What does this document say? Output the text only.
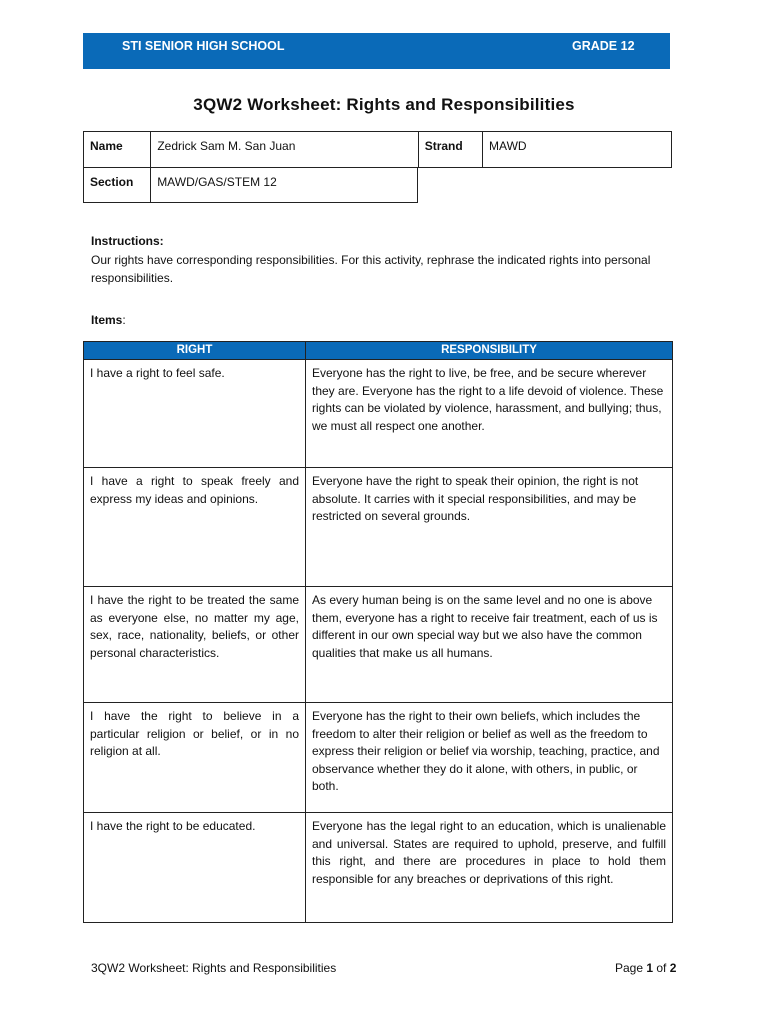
STI SENIOR HIGH SCHOOL	GRADE 12
3QW2 Worksheet: Rights and Responsibilities
Name	Zedrick Sam M. San Juan	Strand	MAWD
Section	MAWD/GAS/STEM 12
Instructions:
Our rights have corresponding responsibilities. For this activity, rephrase the indicated rights into personal responsibilities.
Items:
RIGHT	RESPONSIBILITY
I have a right to feel safe.	Everyone has the right to live, be free, and be secure wherever they are. Everyone has the right to a life devoid of violence. These rights can be violated by violence, harassment, and bullying; thus, we must all respect one another.
I have a right to speak freely and express my ideas and opinions.	Everyone have the right to speak their opinion, the right is not absolute. It carries with it special responsibilities, and may be restricted on several grounds.
I have the right to be treated the same as everyone else, no matter my age, sex, race, nationality, beliefs, or other personal characteristics.	As every human being is on the same level and no one is above them, everyone has a right to receive fair treatment, each of us is different in our own special way but we also have the common qualities that make us all humans.
I have the right to believe in a particular religion or belief, or in no religion at all.	Everyone has the right to their own beliefs, which includes the freedom to alter their religion or belief as well as the freedom to express their religion or belief via worship, teaching, practice, and observance whether they do it alone, with others, in public, or both.
I have the right to be educated.	Everyone has the legal right to an education, which is unalienable and universal. States are required to uphold, preserve, and fulfill this right, and there are procedures in place to hold them responsible for any breaches or deprivations of this right.
3QW2 Worksheet: Rights and Responsibilities	Page 1 of 2
